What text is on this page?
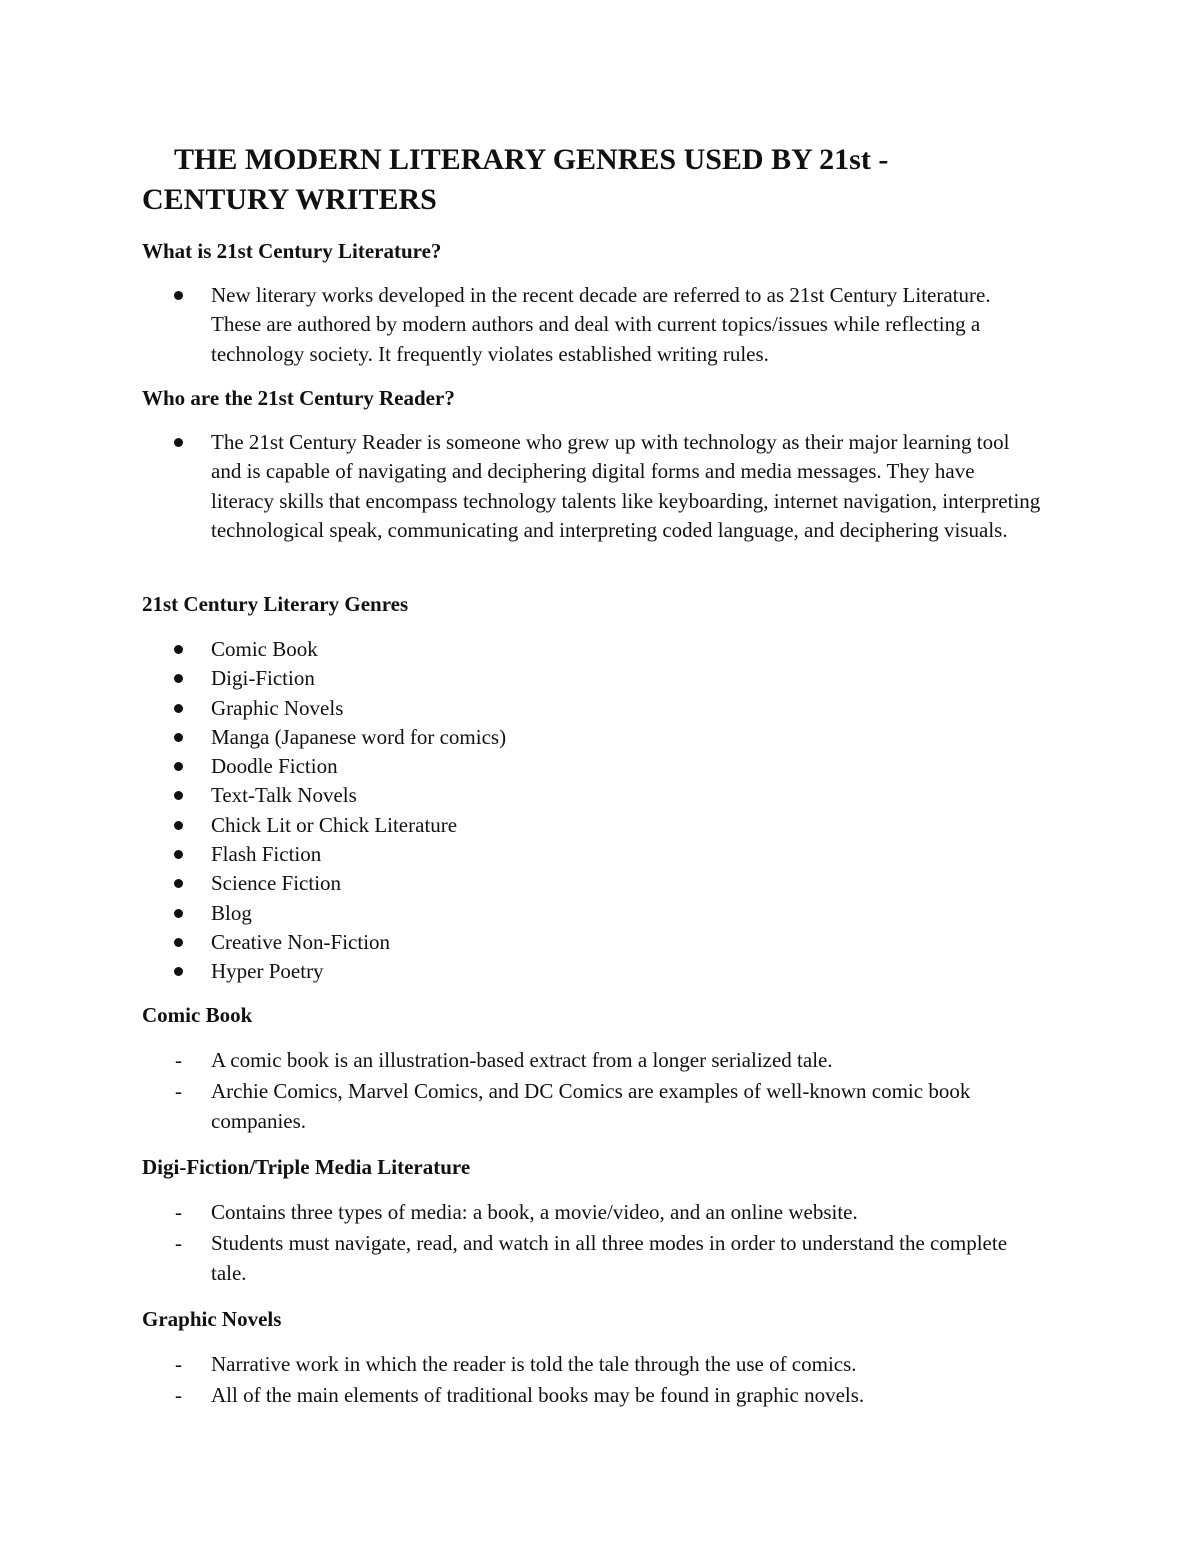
THE MODERN LITERARY GENRES USED BY 21st -
CENTURY WRITERS
What is 21st Century Literature?
New literary works developed in the recent decade are referred to as 21st Century Literature. These are authored by modern authors and deal with current topics/issues while reflecting a technology society. It frequently violates established writing rules.
Who are the 21st Century Reader?
The 21st Century Reader is someone who grew up with technology as their major learning tool and is capable of navigating and deciphering digital forms and media messages. They have literacy skills that encompass technology talents like keyboarding, internet navigation, interpreting technological speak, communicating and interpreting coded language, and deciphering visuals.
21st Century Literary Genres
Comic Book
Digi-Fiction
Graphic Novels
Manga (Japanese word for comics)
Doodle Fiction
Text-Talk Novels
Chick Lit or Chick Literature
Flash Fiction
Science Fiction
Blog
Creative Non-Fiction
Hyper Poetry
Comic Book
- A comic book is an illustration-based extract from a longer serialized tale.
- Archie Comics, Marvel Comics, and DC Comics are examples of well-known comic book companies.
Digi-Fiction/Triple Media Literature
- Contains three types of media: a book, a movie/video, and an online website.
- Students must navigate, read, and watch in all three modes in order to understand the complete tale.
Graphic Novels
- Narrative work in which the reader is told the tale through the use of comics.
- All of the main elements of traditional books may be found in graphic novels.
